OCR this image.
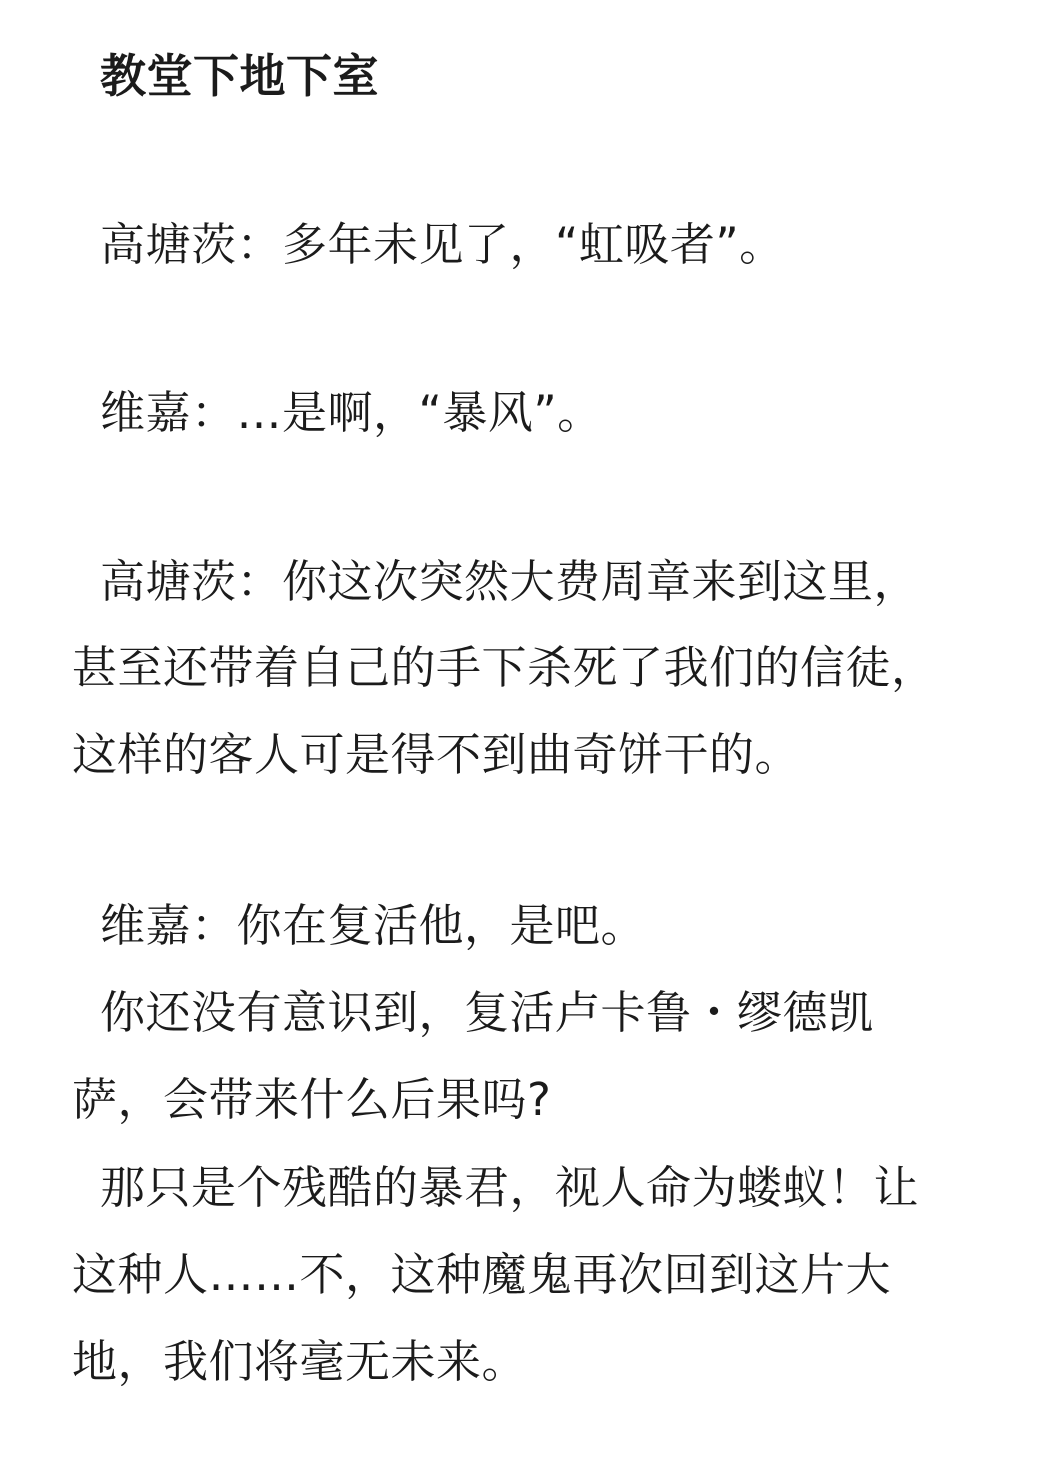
教堂下地下室

高塘茨：多年未见了，“虹吸者”。

维嘉：…是啊，“暴风”。

高塘茨：你这次突然大费周章来到这里，

甚至还带着自己的手下杀死了我们的信徒，

这样的客人可是得不到曲奇饼干的。

维嘉：你在复活他，是吧。

你还没有意识到，复活卢卡鲁・缪德凯

萨，会带来什么后果吗?

那只是个残酷的暴君，视人命为蝼蚁！让

这种人……不，这种魔鬼再次回到这片大

地，我们将毫无未来。
